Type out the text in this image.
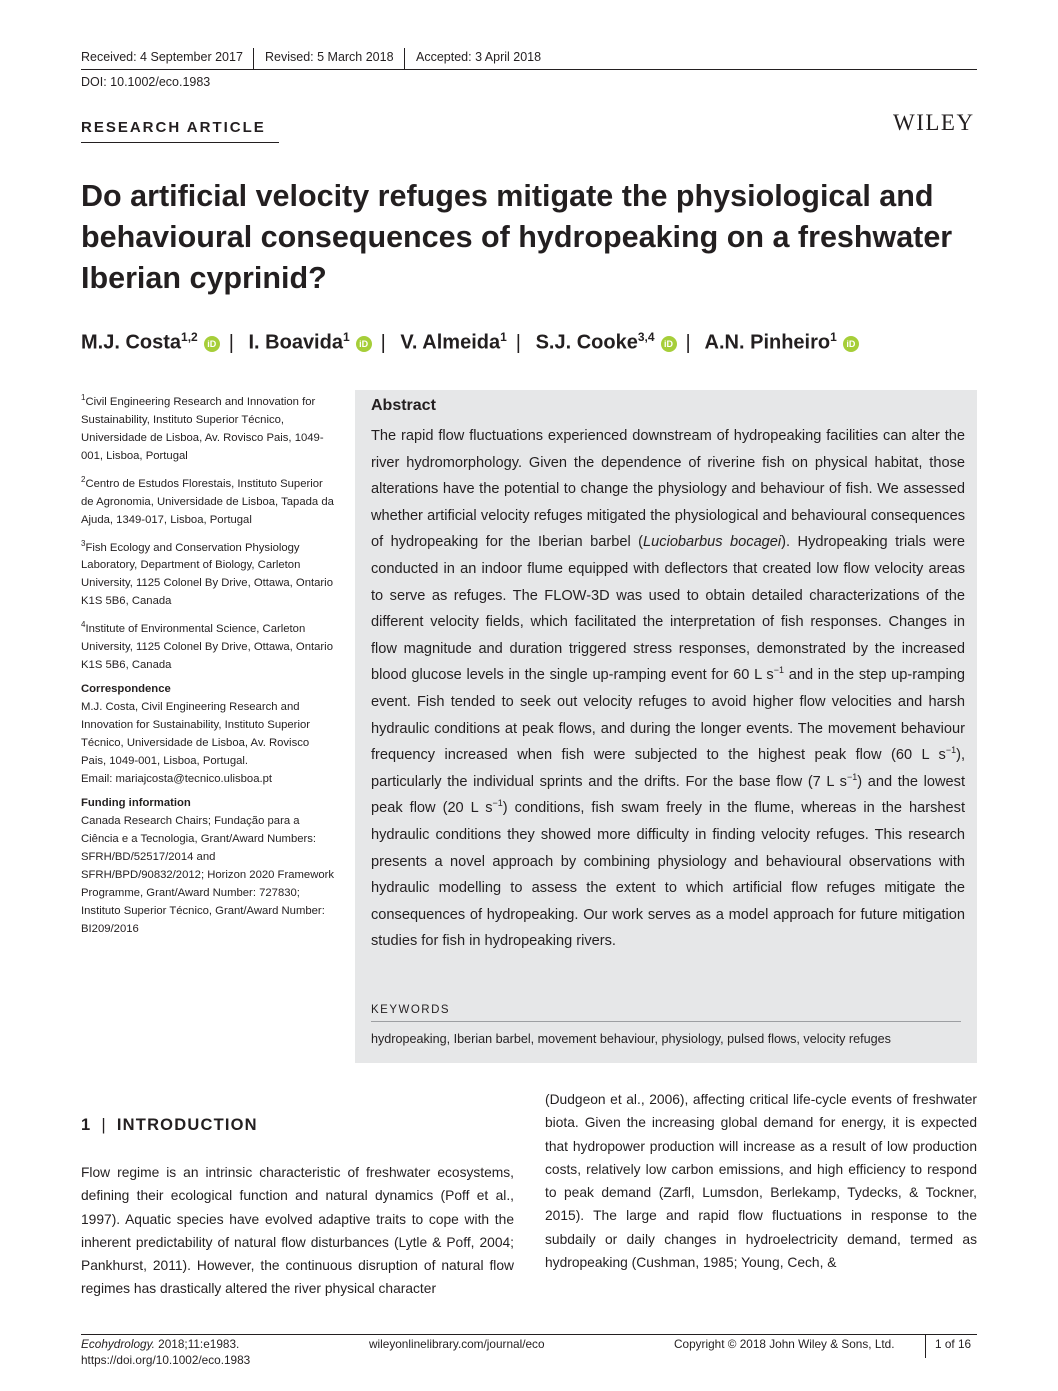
Received: 4 September 2017 Revised: 5 March 2018 Accepted: 3 April 2018
DOI: 10.1002/eco.1983
RESEARCH ARTICLE	WILEY
Do artificial velocity refuges mitigate the physiological and behavioural consequences of hydropeaking on a freshwater Iberian cyprinid?
M.J. Costa$^{1,2}$ iD | I. Boavida$^1$ iD | V. Almeida$^1$ | S.J. Cooke$^{3,4}$ iD | A.N. Pinheiro$^1$ iD

$^1$Civil Engineering Research and Innovation for Sustainability, Instituto Superior Técnico, Universidade de Lisboa, Av. Rovisco Pais, 1049-001, Lisboa, Portugal

$^2$Centro de Estudos Florestais, Instituto Superior de Agronomia, Universidade de Lisboa, Tapada da Ajuda, 1349-017, Lisboa, Portugal

$^3$Fish Ecology and Conservation Physiology Laboratory, Department of Biology, Carleton University, 1125 Colonel By Drive, Ottawa, Ontario K1S 5B6, Canada

$^4$Institute of Environmental Science, Carleton University, 1125 Colonel By Drive, Ottawa, Ontario K1S 5B6, Canada

Correspondence

M.J. Costa, Civil Engineering Research and Innovation for Sustainability, Instituto Superior Técnico, Universidade de Lisboa, Av. Rovisco Pais, 1049-001, Lisboa, Portugal.

Email: mariajcosta@tecnico.ulisboa.pt

Funding information

Canada Research Chairs; Fundação para a Ciência e a Tecnologia, Grant/Award Numbers: SFRH/BD/52517/2014 and SFRH/BPD/90832/2012; Horizon 2020 Framework Programme, Grant/Award Number: 727830; Instituto Superior Técnico, Grant/Award Number: BI209/2016

Abstract
The rapid flow fluctuations experienced downstream of hydropeaking facilities can alter the river hydromorphology. Given the dependence of riverine fish on physical habitat, those alterations have the potential to change the physiology and behaviour of fish. We assessed whether artificial velocity refuges mitigated the physiological and behavioural consequences of hydropeaking for the Iberian barbel (Luciobarbus bocagei). Hydropeaking trials were conducted in an indoor flume equipped with deflectors that created low flow velocity areas to serve as refuges. The FLOW-3D was used to obtain detailed characterizations of the different velocity fields, which facilitated the interpretation of fish responses. Changes in flow magnitude and duration triggered stress responses, demonstrated by the increased blood glucose levels in the single up-ramping event for 60 L $s^{-1}$ and in the step up-ramping event. Fish tended to seek out velocity refuges to avoid higher flow velocities and harsh hydraulic conditions at peak flows, and during the longer events. The movement behaviour frequency increased when fish were subjected to the highest peak flow (60 L $s^{-1}$), particularly the individual sprints and the drifts. For the base flow (7 L $s^{-1}$) and the lowest peak flow (20 L $s^{-1}$) conditions, fish swam freely in the flume, whereas in the harshest hydraulic conditions they showed more difficulty in finding velocity refuges. This research presents a novel approach by combining physiology and behavioural observations with hydraulic modelling to assess the extent to which artificial flow refuges mitigate the consequences of hydropeaking. Our work serves as a model approach for future mitigation studies for fish in hydropeaking rivers.
KEYWORDS
hydropeaking, Iberian barbel, movement behaviour, physiology, pulsed flows, velocity refuges
1 | INTRODUCTION
Flow regime is an intrinsic characteristic of freshwater ecosystems, defining their ecological function and natural dynamics (Poff et al., 1997). Aquatic species have evolved adaptive traits to cope with the inherent predictability of natural flow disturbances (Lytle & Poff, 2004; Pankhurst, 2011). However, the continuous disruption of natural flow regimes has drastically altered the river physical character
(Dudgeon et al., 2006), affecting critical life-cycle events of freshwater biota. Given the increasing global demand for energy, it is expected that hydropower production will increase as a result of low production costs, relatively low carbon emissions, and high efficiency to respond to peak demand (Zarfl, Lumsdon, Berlekamp, Tydecks, & Tockner, 2015). The large and rapid flow fluctuations in response to the subdaily or daily changes in hydroelectricity demand, termed as hydropeaking (Cushman, 1985; Young, Cech, &
Ecohydrology. 2018;11:e1983.
https://doi.org/10.1002/eco.1983
wileyonlinelibrary.com/journal/eco	Copyright © 2018 John Wiley & Sons, Ltd.	1 of 16
